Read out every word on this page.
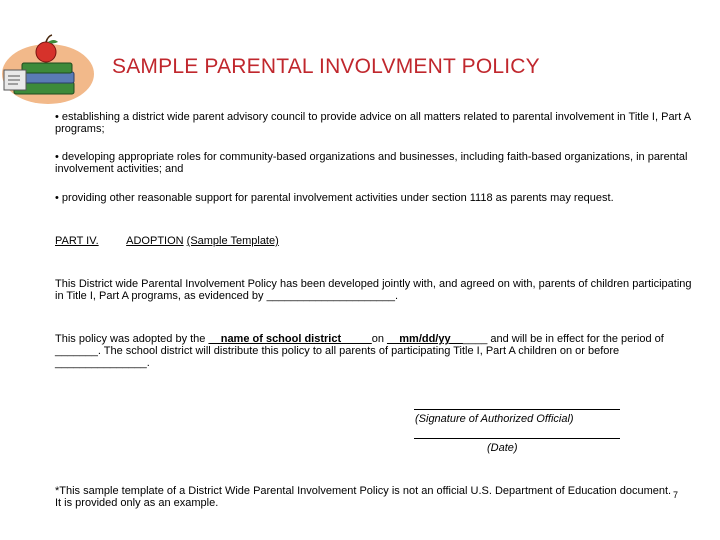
SAMPLE PARENTAL INVOLVMENT POLICY
• establishing a district wide parent advisory council to provide advice on all matters related to parental involvement in Title I, Part A programs;
• developing appropriate roles for community-based organizations and businesses, including faith-based organizations, in parental involvement activities; and
• providing other reasonable support for parental involvement activities under section 1118 as parents may request.
PART IV.	ADOPTION (Sample Template)
This District wide Parental Involvement Policy has been developed jointly with, and agreed on with, parents of children participating in Title I, Part A programs, as evidenced by _____________________.
This policy was adopted by the __name of school district_____on __mm/dd/yy______ and will be in effect for the period of _______. The school district will distribute this policy to all parents of participating Title I, Part A children on or before _______________.
(Signature of Authorized Official)
(Date)
*This sample template of a District Wide Parental Involvement Policy is not an official U.S. Department of Education document. It is provided only as an example.
7
